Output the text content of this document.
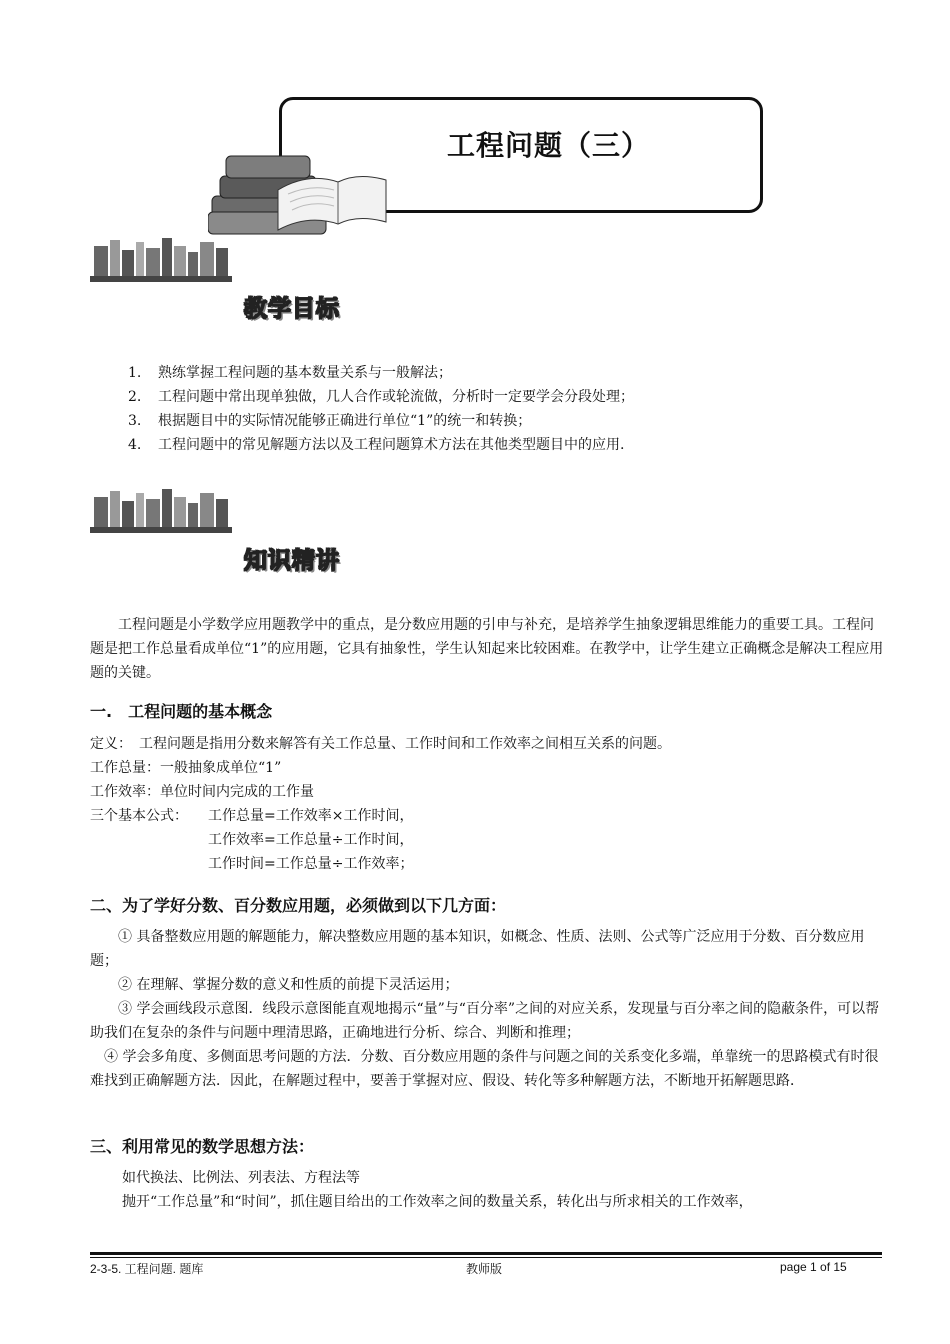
工程问题（三）
教学目标
1. 熟练掌握工程问题的基本数量关系与一般解法；
2. 工程问题中常出现单独做，几人合作或轮流做，分析时一定要学会分段处理；
3. 根据题目中的实际情况能够正确进行单位“1”的统一和转换；
4. 工程问题中的常见解题方法以及工程问题算术方法在其他类型题目中的应用.
知识精讲
工程问题是小学数学应用题教学中的重点，是分数应用题的引申与补充，是培养学生抽象逻辑思维能力的重要工具。工程问题是把工作总量看成单位“1”的应用题，它具有抽象性，学生认知起来比较困难。在教学中，让学生建立正确概念是解决工程应用题的关键。
一.　工程问题的基本概念
定义：　工程问题是指用分数来解答有关工作总量、工作时间和工作效率之间相互关系的问题。
工作总量：一般抽象成单位“1”
工作效率：单位时间内完成的工作量
三个基本公式： 工作总量=工作效率×工作时间，
工作效率=工作总量÷工作时间，
工作时间=工作总量÷工作效率；
二、为了学好分数、百分数应用题，必须做到以下几方面：
① 具备整数应用题的解题能力，解决整数应用题的基本知识，如概念、性质、法则、公式等广泛应用于分数、百分数应用题；
② 在理解、掌握分数的意义和性质的前提下灵活运用；
③ 学会画线段示意图．线段示意图能直观地揭示“量”与“百分率”之间的对应关系，发现量与百分率之间的隐蔽条件，可以帮助我们在复杂的条件与问题中理清思路，正确地进行分析、综合、判断和推理；
④ 学会多角度、多侧面思考问题的方法．分数、百分数应用题的条件与问题之间的关系变化多端，单靠统一的思路模式有时很难找到正确解题方法．因此，在解题过程中，要善于掌握对应、假设、转化等多种解题方法，不断地开拓解题思路．
三、利用常见的数学思想方法：
如代换法、比例法、列表法、方程法等
抛开“工作总量”和“时间”，抓住题目给出的工作效率之间的数量关系，转化出与所求相关的工作效率，
2-3-5. 工程问题. 题库	教师版	page 1 of 15
